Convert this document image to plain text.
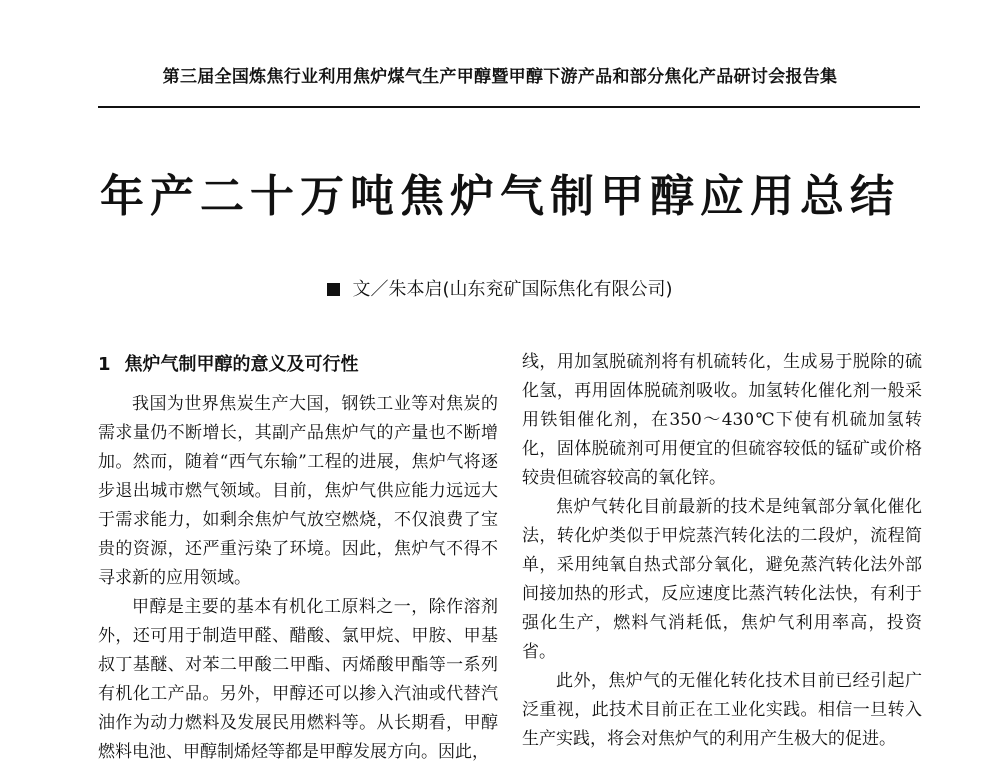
第三届全国炼焦行业利用焦炉煤气生产甲醇暨甲醇下游产品和部分焦化产品研讨会报告集
年产二十万吨焦炉气制甲醇应用总结
文／朱本启(山东兖矿国际焦化有限公司)
1 焦炉气制甲醇的意义及可行性

我国为世界焦炭生产大国，钢铁工业等对焦炭的需求量仍不断增长，其副产品焦炉气的产量也不断增加。然而，随着“西气东输”工程的进展，焦炉气将逐步退出城市燃气领域。目前，焦炉气供应能力远远大于需求能力，如剩余焦炉气放空燃烧，不仅浪费了宝贵的资源，还严重污染了环境。因此，焦炉气不得不寻求新的应用领域。

甲醇是主要的基本有机化工原料之一，除作溶剂外，还可用于制造甲醛、醋酸、氯甲烷、甲胺、甲基叔丁基醚、对苯二甲酸二甲酯、丙烯酸甲酯等一系列有机化工产品。另外，甲醇还可以掺入汽油或代替汽油作为动力燃料及发展民用燃料等。从长期看，甲醇燃料电池、甲醇制烯烃等都是甲醇发展方向。因此，

线，用加氢脱硫剂将有机硫转化，生成易于脱除的硫化氢，再用固体脱硫剂吸收。加氢转化催化剂一般采用铁钼催化剂，在350～430℃下使有机硫加氢转化，固体脱硫剂可用便宜的但硫容较低的锰矿或价格较贵但硫容较高的氧化锌。

焦炉气转化目前最新的技术是纯氧部分氧化催化法，转化炉类似于甲烷蒸汽转化法的二段炉，流程简单，采用纯氧自热式部分氧化，避免蒸汽转化法外部间接加热的形式，反应速度比蒸汽转化法快，有利于强化生产，燃料气消耗低，焦炉气利用率高，投资省。

此外，焦炉气的无催化转化技术目前已经引起广泛重视，此技术目前正在工业化实践。相信一旦转入生产实践，将会对焦炉气的利用产生极大的促进。
